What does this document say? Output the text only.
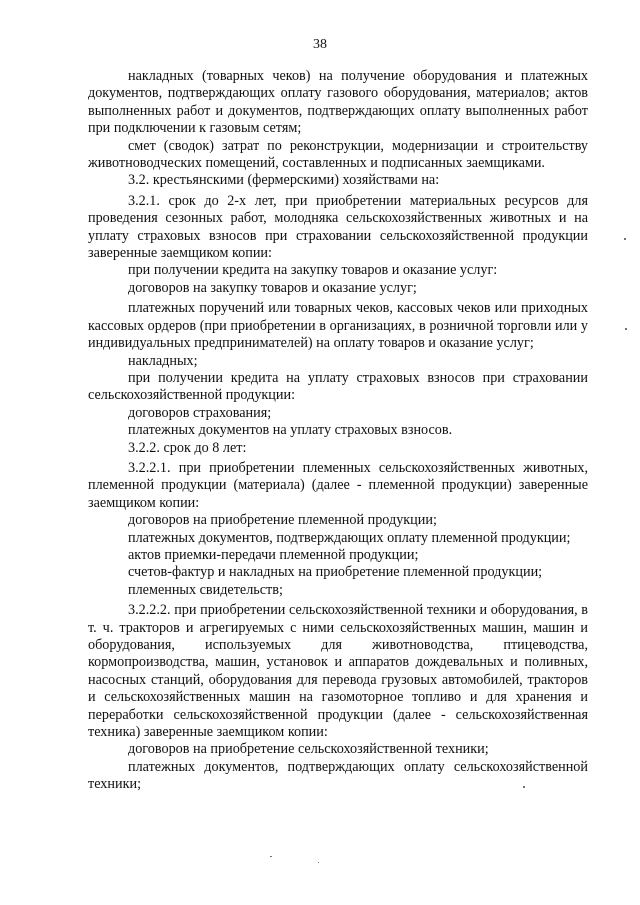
38

накладных (товарных чеков) на получение оборудования и платежных документов, подтверждающих оплату газового оборудования, материалов; актов выполненных работ и документов, подтверждающих оплату выполненных работ при подключении к газовым сетям;

смет (сводок) затрат по реконструкции, модернизации и строительству животноводческих помещений, составленных и подписанных заемщиками.

3.2. крестьянскими (фермерскими) хозяйствами на:

3.2.1. срок до 2-х лет, при приобретении материальных ресурсов для проведения сезонных работ, молодняка сельскохозяйственных животных и на уплату страховых взносов при страховании сельскохозяйственной продукции заверенные заемщиком копии:

при получении кредита на закупку товаров и оказание услуг:

договоров на закупку товаров и оказание услуг;

платежных поручений или товарных чеков, кассовых чеков или приходных кассовых ордеров (при приобретении в организациях, в розничной торговли или у индивидуальных предпринимателей) на оплату товаров и оказание услуг;

накладных;

при получении кредита на уплату страховых взносов при страховании сельскохозяйственной продукции:

договоров страхования;

платежных документов на уплату страховых взносов.

3.2.2. срок до 8 лет:

3.2.2.1. при приобретении племенных сельскохозяйственных животных, племенной продукции (материала) (далее - племенной продукции) заверенные заемщиком копии:

договоров на приобретение племенной продукции;

платежных документов, подтверждающих оплату племенной продукции;

актов приемки-передачи племенной продукции;

счетов-фактур и накладных на приобретение племенной продукции;

племенных свидетельств;

3.2.2.2. при приобретении сельскохозяйственной техники и оборудования, в т. ч. тракторов и агрегируемых с ними сельскохозяйственных машин, машин и оборудования, используемых для животноводства, птицеводства, кормопроизводства, машин, установок и аппаратов дождевальных и поливных, насосных станций, оборудования для перевода грузовых автомобилей, тракторов и сельскохозяйственных машин на газомоторное топливо и для хранения и переработки сельскохозяйственной продукции (далее - сельскохозяйственная техника) заверенные заемщиком копии:

договоров на приобретение сельскохозяйственной техники;

платежных документов, подтверждающих оплату сельскохозяйственной техники;
